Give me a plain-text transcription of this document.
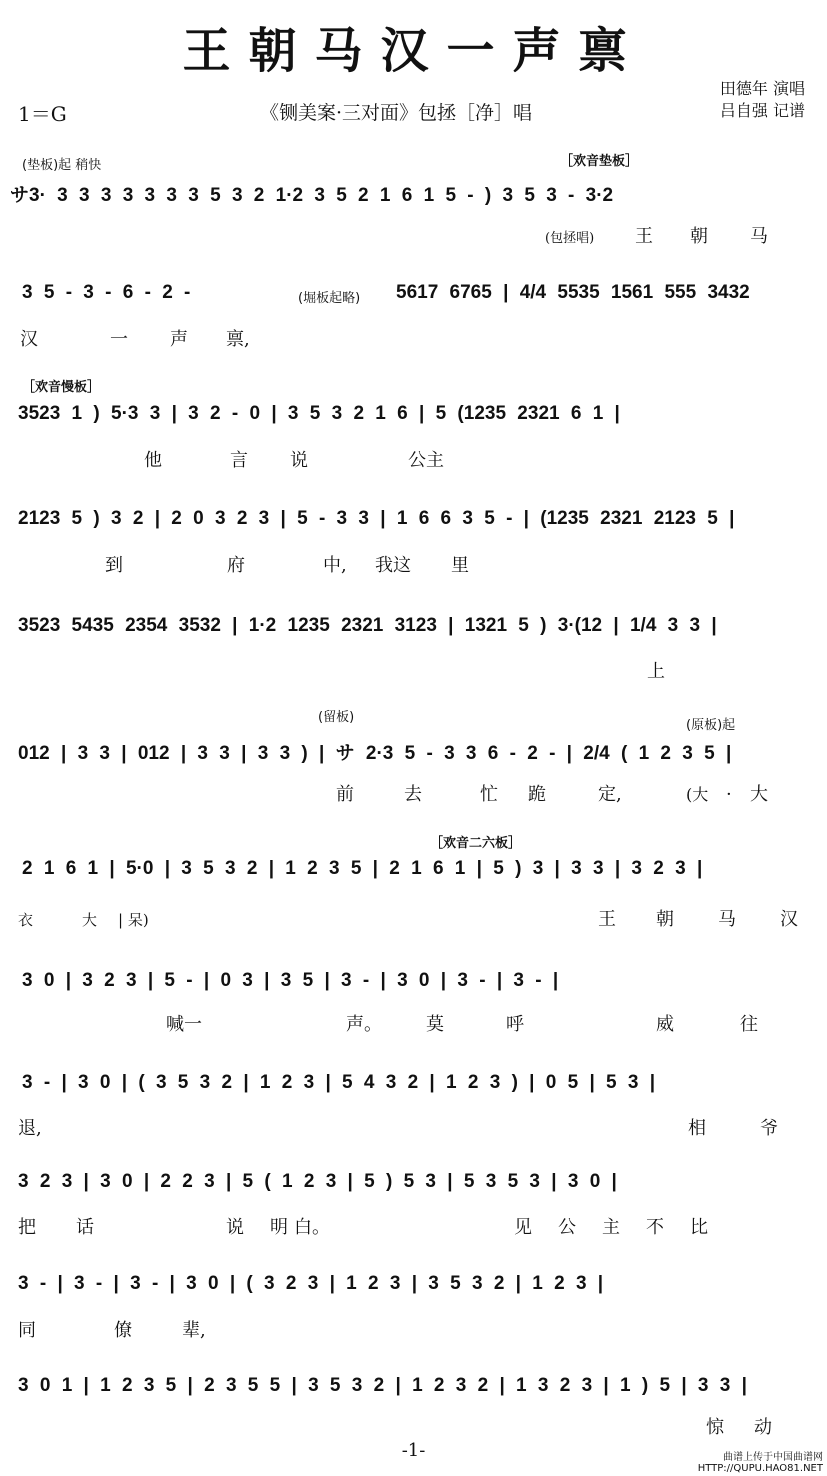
王朝马汉一声禀
1＝G	《铡美案·三对面》包拯［净］唱
田德年 演唱
吕自强 记谱
(垫板)起 稍快	［欢音垫板］
サ3· 3 3 3 3 3 3 3 5 3 2 1·2 3 5 2 1 6 1 5 - ) 3 5 3 - 3·2
(包拯唱) 王 朝 马
3 5 - 3 - 6 - 2 -	(堀板起略) 5617 6765 | 4/4 5535 1561 555 3432
汉	一 声 禀,
［欢音慢板］
3523 1 ) 5·3 3 | 3 2 - 0 | 3 5 3 2 1 6 | 5 (1235 2321 6 1 |
他	言 说	公主
2123 5 ) 3 2 | 2 0 3 2 3 | 5 - 3 3 | 1 6 6 3 5 - | (1235 2321 2123 5 |
到	府	中, 我这 里
3523 5435 2354 3532 | 1·2 1235 2321 3123 | 1321 5 ) 3·(12 | 1/4 3 3 |
上
(留板)
(原板)起
012 | 3 3 | 012 | 3 3 | 3 3 ) | サ 2·3 5 - 3 3 6 - 2 - | 2/4 ( 1 2 3 5 |
前	去	忙 跪	定,	(大 · 大
［欢音二六板］
2 1 6 1 | 5·0 | 3 5 3 2 | 1 2 3 5 | 2 1 6 1 | 5 ) 3 | 3 3 | 3 2 3 |
衣	大 | 呆)	王 朝 马 汉
3 0 | 3 2 3 | 5 - | 0 3 | 3 5 | 3 - | 3 0 | 3 - | 3 - |
喊一	声。 莫	呼	威	往
3 - | 3 0 | ( 3 5 3 2 | 1 2 3 | 5 4 3 2 | 1 2 3 ) | 0 5 | 5 3 |
退,	相	爷
3 2 3 | 3 0 | 2 2 3 | 5 ( 1 2 3 | 5 ) 5 3 | 5 3 5 3 | 3 0 |
把 话	说 明 白。	见 公 主 不 比
3 - | 3 - | 3 - | 3 0 | ( 3 2 3 | 1 2 3 | 3 5 3 2 | 1 2 3 |
同	僚	辈,
3 0 1 | 1 2 3 5 | 2 3 5 5 | 3 5 3 2 | 1 2 3 2 | 1 3 2 3 | 1 ) 5 | 3 3 |
惊 动
-1-	曲谱上传于中国曲谱网
HTTP://QUPU.HAO81.NET
